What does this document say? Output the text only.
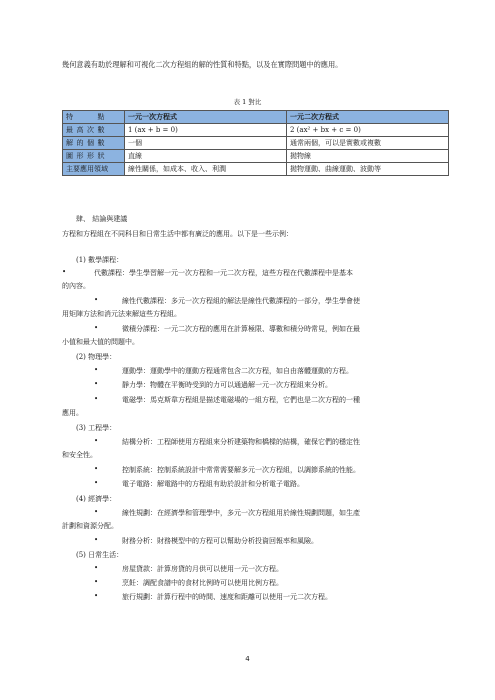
幾何意義有助於理解和可視化二次方程組的解的性質和特點，以及在實際問題中的應用。
表 1 對比
特　　點	一元一次方程式	一元二次方程式
最高次數	1 (ax + b = 0)	2 (ax² + bx + c = 0)
解的個數	一個	通常兩個，可以是實數或複數
圖形形狀	直線	拋物線
主要應用領域	線性關係，如成本、收入、利潤	拋物運動、曲線運動、波動等
肆、 結論與建議
方程和方程組在不同科目和日常生活中都有廣泛的應用。以下是一些示例：
(1) 數學課程：
•	代數課程：學生學習解一元一次方程和一元二次方程，這些方程在代數課程中是基本
的內容。
•	線性代數課程：多元一次方程組的解法是線性代數課程的一部分，學生學會使
用矩陣方法和消元法來解這些方程組。
•	微積分課程：一元二次方程的應用在計算極限、導數和積分時常見，例如在最
小值和最大值的問題中。
(2) 物理學：
•	運動學：運動學中的運動方程通常包含二次方程，如自由落體運動的方程。
•	靜力學：物體在平衡時受到的力可以通過解一元一次方程組來分析。
•	電磁學：馬克斯韋方程組是描述電磁場的一組方程，它們也是二次方程的一種
應用。
(3) 工程學：
•	結構分析：工程師使用方程組來分析建築物和橋樑的結構，確保它們的穩定性
和安全性。
•	控制系統：控制系統設計中常常需要解多元一次方程組，以調節系統的性能。
•	電子電路：解電路中的方程組有助於設計和分析電子電路。
(4) 經濟學：
•	線性規劃：在經濟學和管理學中，多元一次方程組用於線性規劃問題，如生產
計劃和資源分配。
•	財務分析：財務模型中的方程可以幫助分析投資回報率和風險。
(5) 日常生活：
•	房屋貸款：計算房貸的月供可以使用一元一次方程。
•	烹飪：調配食譜中的食材比例時可以使用比例方程。
•	旅行規劃：計算行程中的時間、速度和距離可以使用一元二次方程。
4
